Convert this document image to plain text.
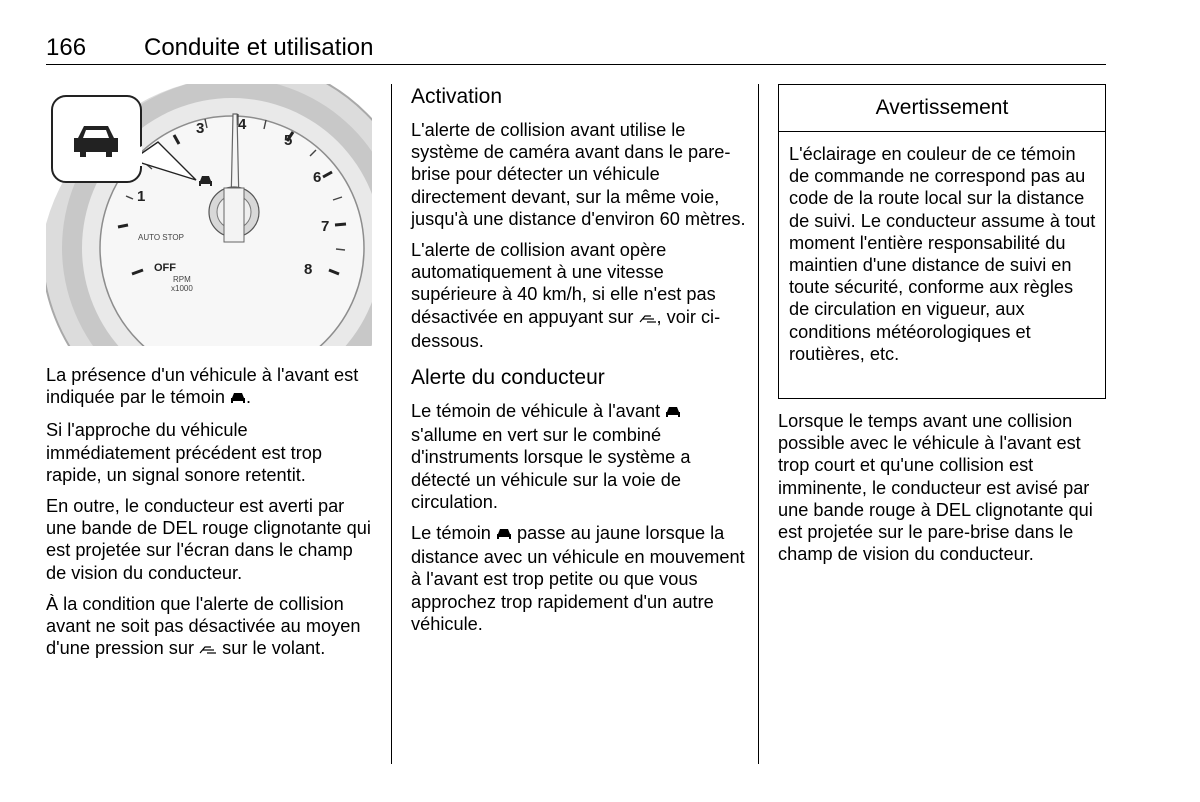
166 Conduite et utilisation
1
3 4
5
6
7
8
AUTO STOP
OFF
RPM
x1000

La présence d'un véhicule à l'avant est indiquée par le témoin .

Si l'approche du véhicule immédiatement précédent est trop rapide, un signal sonore retentit.

En outre, le conducteur est averti par une bande de DEL rouge clignotante qui est projetée sur l'écran dans le champ de vision du conducteur.

À la condition que l'alerte de collision avant ne soit pas désactivée au moyen d'une pression sur  sur le volant.

Activation

L'alerte de collision avant utilise le système de caméra avant dans le pare-brise pour détecter un véhicule directement devant, sur la même voie, jusqu'à une distance d'environ 60 mètres.

L'alerte de collision avant opère automatiquement à une vitesse supérieure à 40 km/h, si elle n'est pas désactivée en appuyant sur , voir ci-dessous.

Alerte du conducteur

Le témoin de véhicule à l'avant  s'allume en vert sur le combiné d'instruments lorsque le système a détecté un véhicule sur la voie de circulation.

Le témoin  passe au jaune lorsque la distance avec un véhicule en mouvement à l'avant est trop petite ou que vous approchez trop rapidement d'un autre véhicule.

Avertissement
L'éclairage en couleur de ce témoin de commande ne correspond pas au code de la route local sur la distance de suivi. Le conducteur assume à tout moment l'entière responsabilité du maintien d'une distance de suivi en toute sécurité, conforme aux règles de circulation en vigueur, aux conditions météorologiques et routières, etc.

Lorsque le temps avant une collision possible avec le véhicule à l'avant est trop court et qu'une collision est imminente, le conducteur est avisé par une bande rouge à DEL clignotante qui est projetée sur le pare-brise dans le champ de vision du conducteur.
